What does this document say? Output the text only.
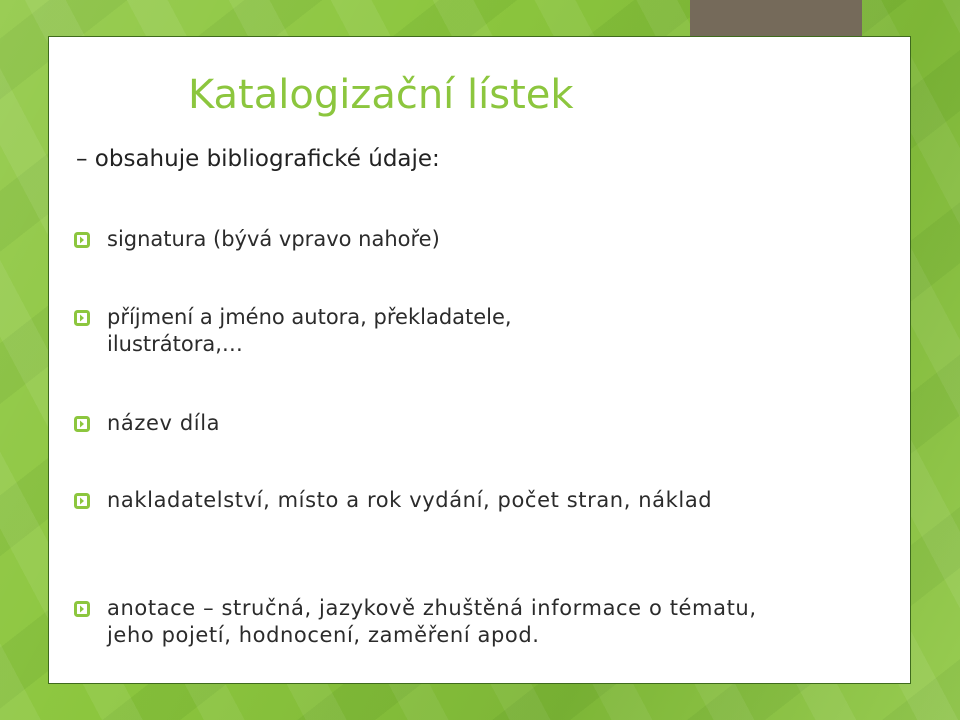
Katalogizační lístek
– obsahuje bibliografické údaje:
signatura (bývá vpravo nahoře)
příjmení a jméno autora, překladatele, ilustrátora,…
název díla
nakladatelství, místo a rok vydání, počet stran, náklad
anotace – stručná, jazykově zhuštěná informace o tématu, jeho pojetí, hodnocení, zaměření apod.
